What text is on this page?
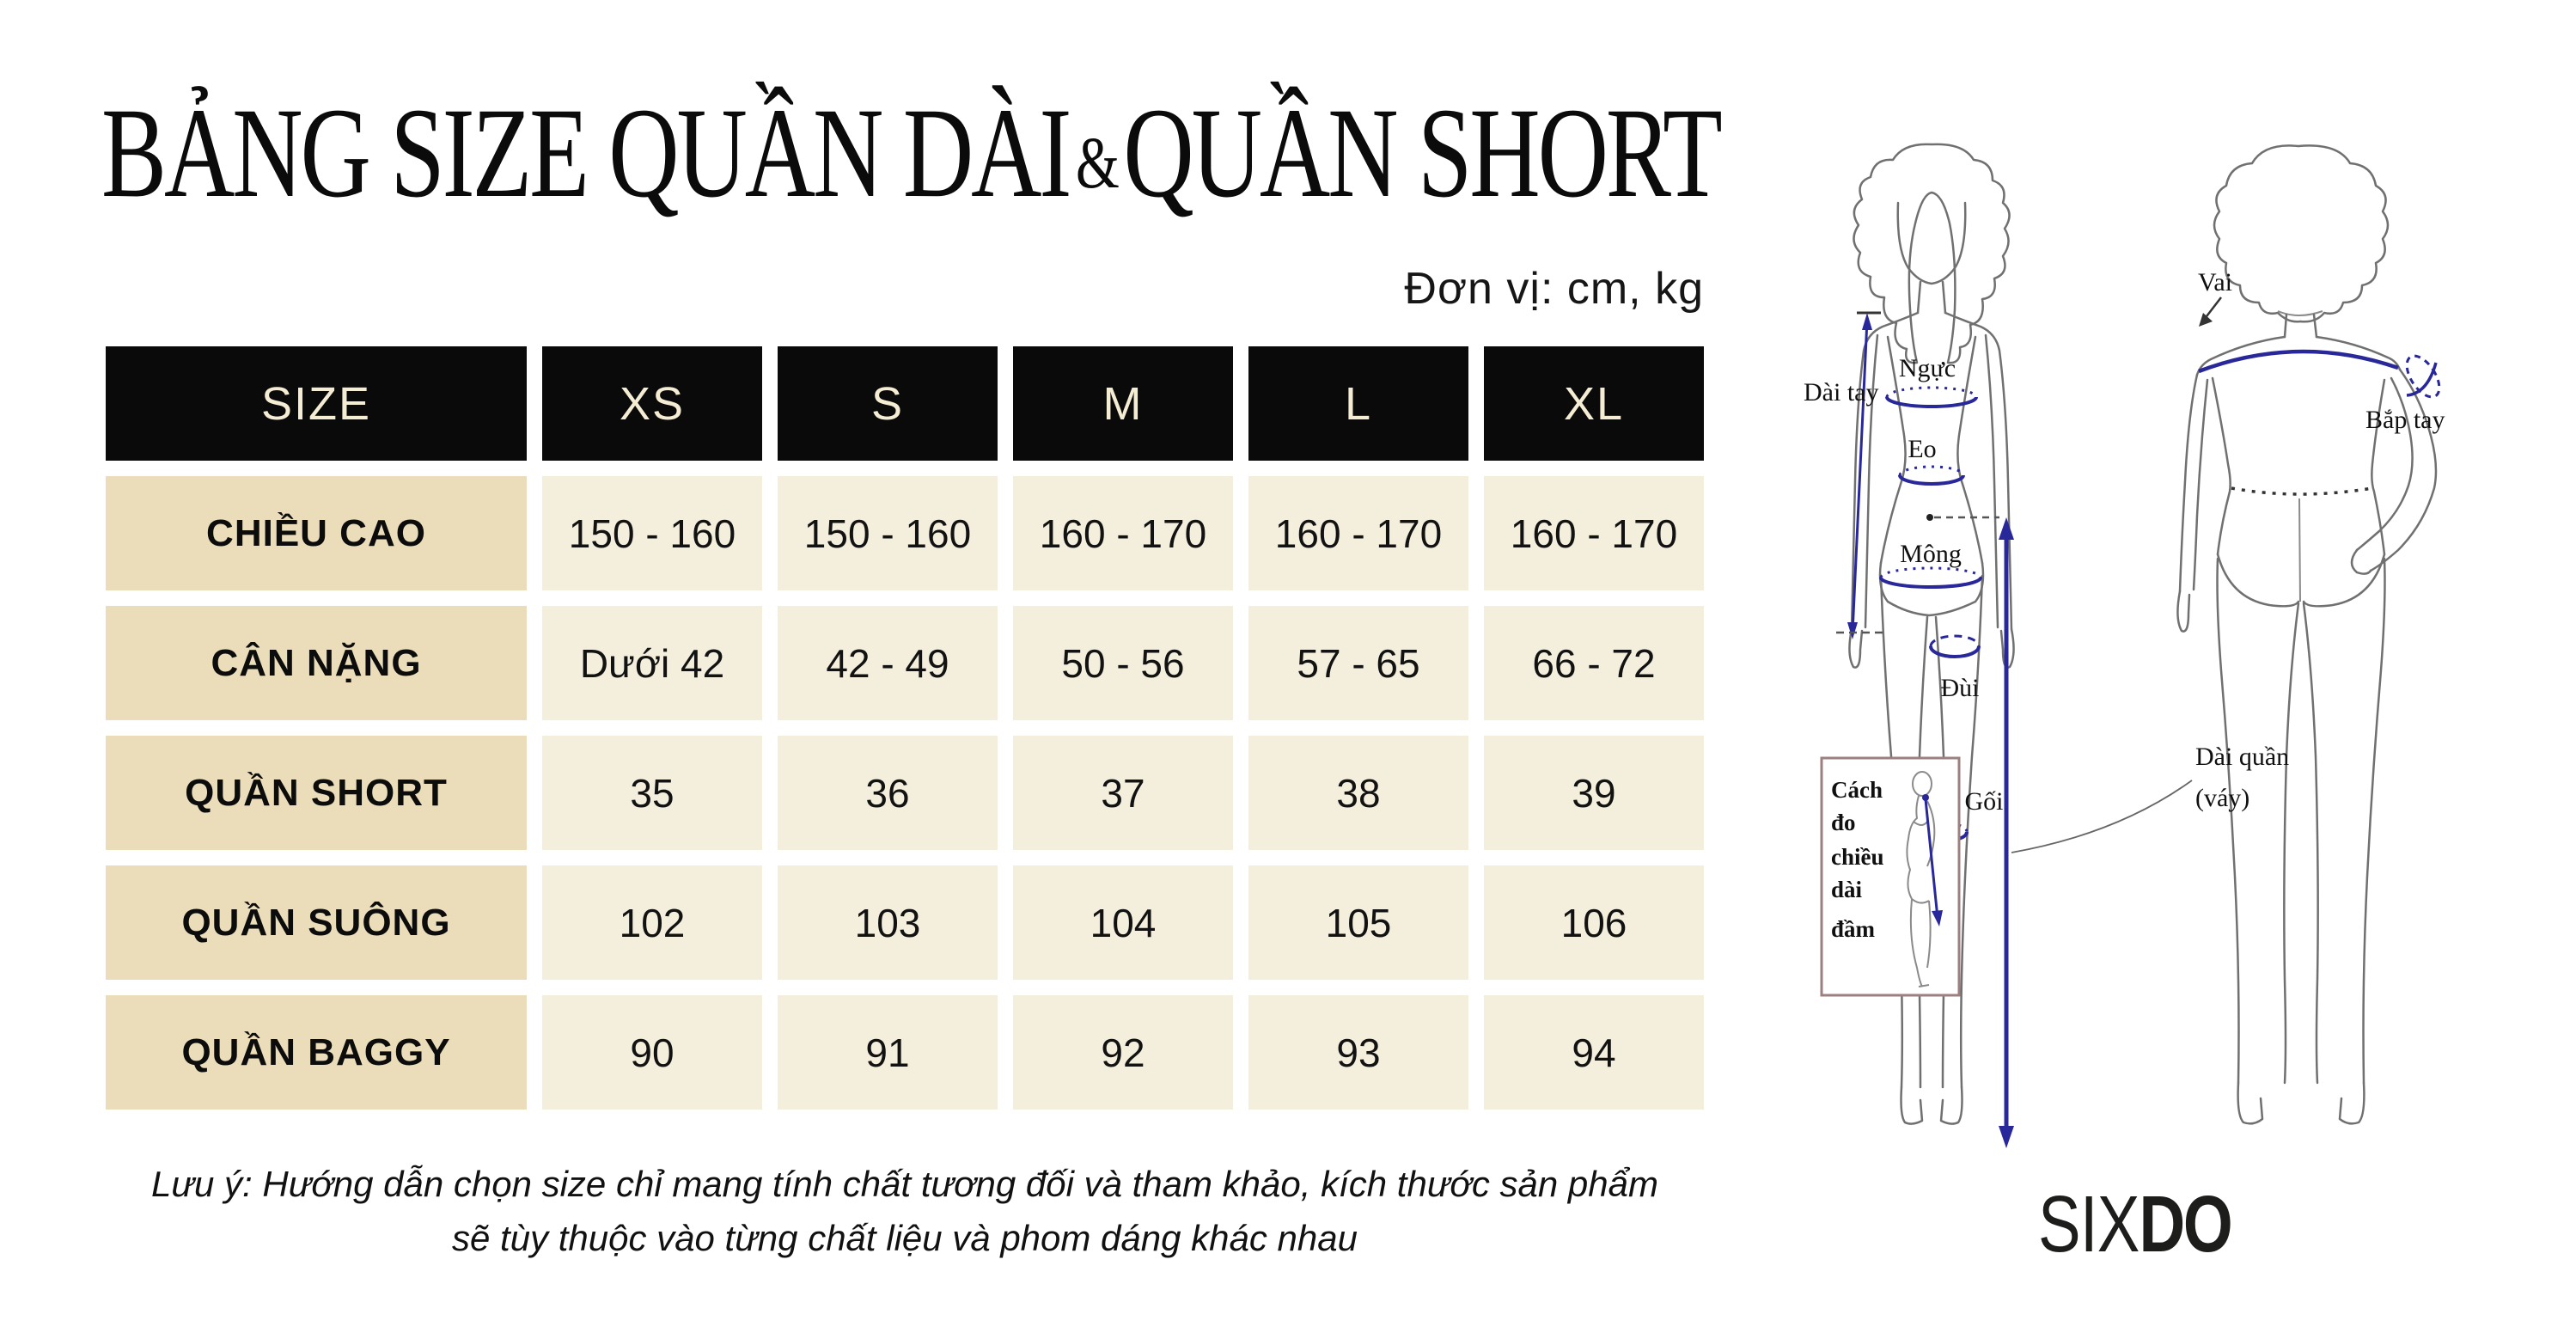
BẢNG SIZE QUẦN DÀI&QUẦN SHORT
Đơn vị: cm, kg
SIZE	XS	S	M	L	XL
CHIỀU CAO	150 - 160	150 - 160	160 - 170	160 - 170	160 - 170
CÂN NẶNG	Dưới 42	42 - 49	50 - 56	57 - 65	66 - 72
QUẦN SHORT	35	36	37	38	39
QUẦN SUÔNG	102	103	104	105	106
QUẦN BAGGY	90	91	92	93	94
Lưu ý: Hướng dẫn chọn size chỉ mang tính chất tương đối và tham khảo, kích thước sản phẩm
sẽ tùy thuộc vào từng chất liệu và phom dáng khác nhau
Ngực
Eo
Mông
Đùi
Gối
Dài tay
Vai
Bắp tay
Dài quần
(váy)
Cách
đo
chiều
dài
đầm
SIXDO
